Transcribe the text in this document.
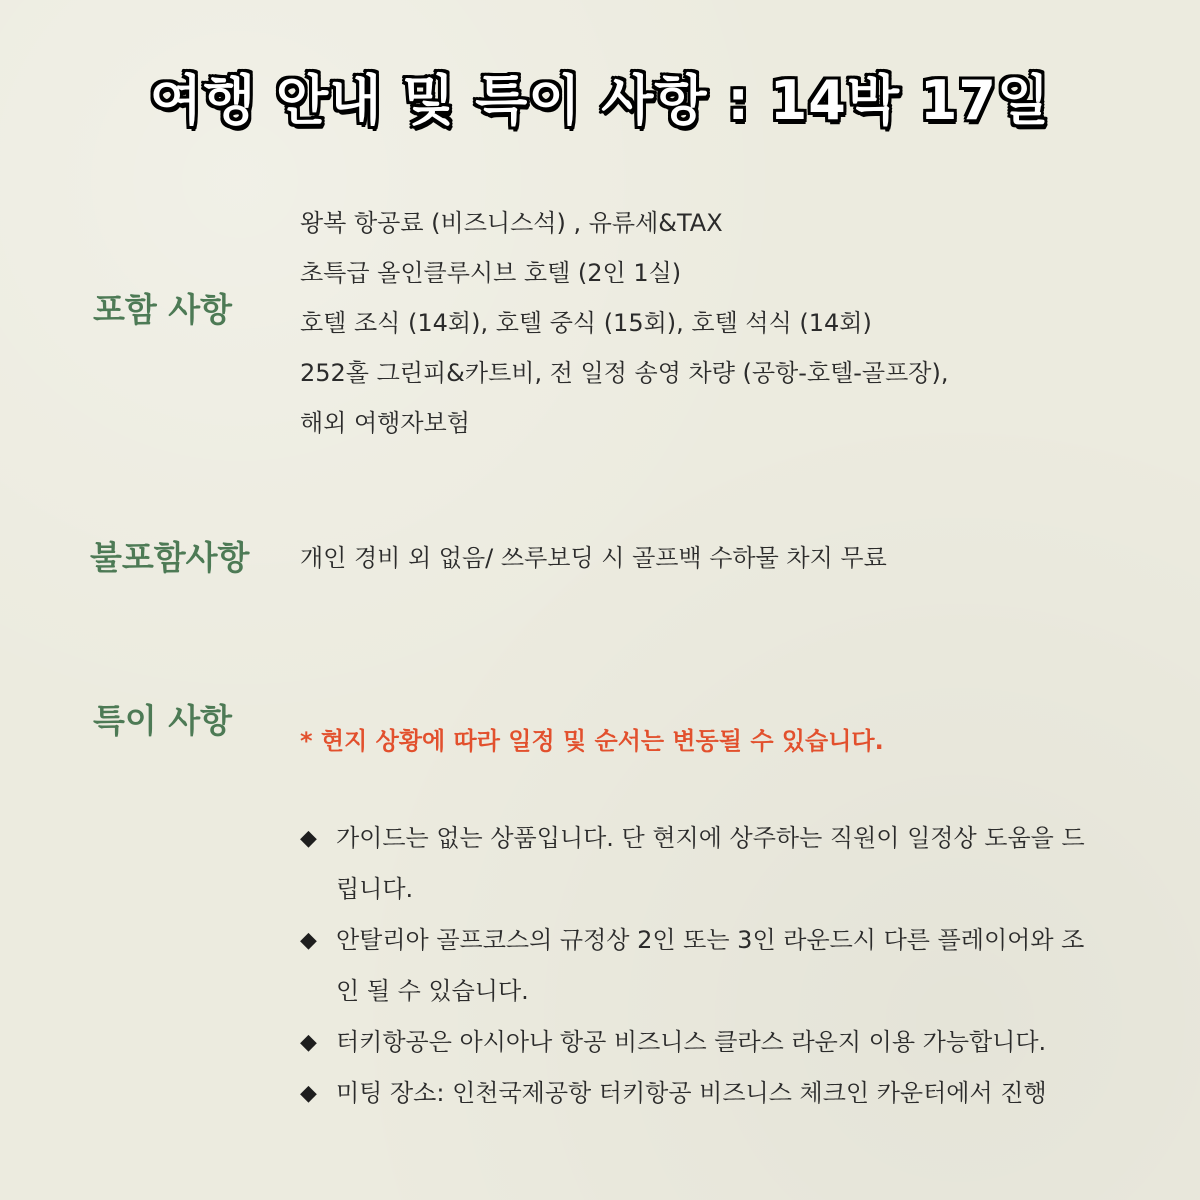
여행 안내 및 특이 사항 : 14박 17일
포함 사항
왕복 항공료 (비즈니스석) , 유류세&TAX
초특급 올인클루시브 호텔 (2인 1실)
호텔 조식 (14회), 호텔 중식 (15회), 호텔 석식 (14회)
252홀 그린피&카트비, 전 일정 송영 차량 (공항-호텔-골프장),
해외 여행자보험
불포함사항 개인 경비 외 없음/ 쓰루보딩 시 골프백 수하물 차지 무료
특이 사항
* 현지 상황에 따라 일정 및 순서는 변동될 수 있습니다.
◆ 가이드는 없는 상품입니다. 단 현지에 상주하는 직원이 일정상 도움을 드립니다.
◆ 안탈리아 골프코스의 규정상 2인 또는 3인 라운드시 다른 플레이어와 조인 될 수 있습니다.
◆ 터키항공은 아시아나 항공 비즈니스 클라스 라운지 이용 가능합니다.
◆ 미팅 장소: 인천국제공항 터키항공 비즈니스 체크인 카운터에서 진행
